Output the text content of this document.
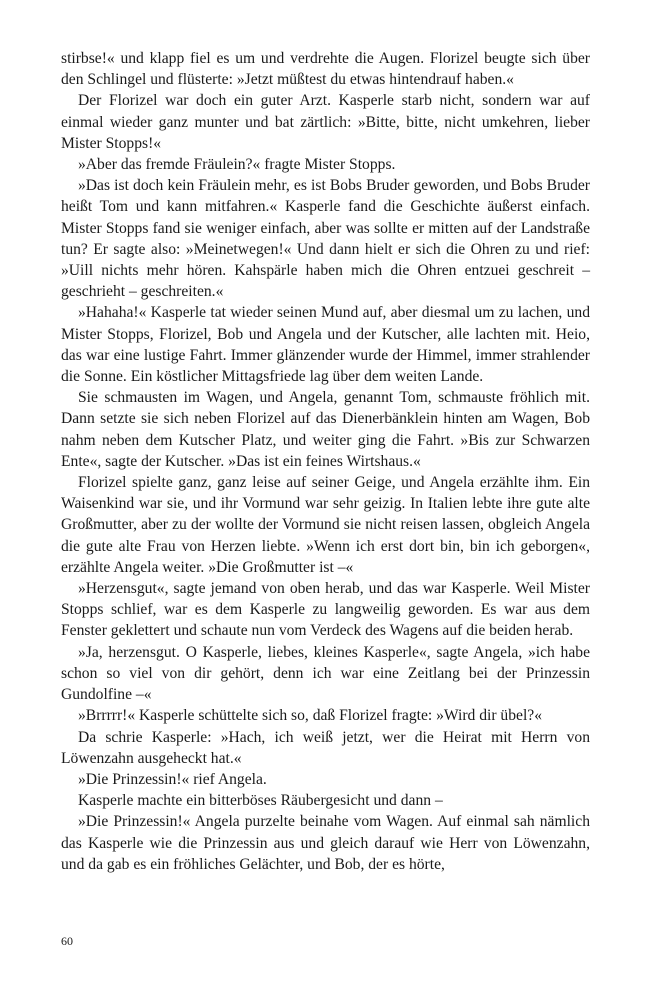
stirbse!« und klapp fiel es um und verdrehte die Augen. Florizel beugte sich über den Schlingel und flüsterte: »Jetzt müßtest du etwas hintendrauf haben.«

Der Florizel war doch ein guter Arzt. Kasperle starb nicht, sondern war auf einmal wieder ganz munter und bat zärtlich: »Bitte, bitte, nicht umkehren, lieber Mister Stopps!«

»Aber das fremde Fräulein?« fragte Mister Stopps.

»Das ist doch kein Fräulein mehr, es ist Bobs Bruder geworden, und Bobs Bruder heißt Tom und kann mitfahren.« Kasperle fand die Geschichte äußerst einfach. Mister Stopps fand sie weniger einfach, aber was sollte er mitten auf der Landstraße tun? Er sagte also: »Meinetwegen!« Und dann hielt er sich die Ohren zu und rief: »Uill nichts mehr hören. Kahspärle haben mich die Ohren entzuei geschreit – geschrieht – geschreiten.«

»Hahaha!« Kasperle tat wieder seinen Mund auf, aber diesmal um zu lachen, und Mister Stopps, Florizel, Bob und Angela und der Kutscher, alle lachten mit. Heio, das war eine lustige Fahrt. Immer glänzender wurde der Himmel, immer strahlender die Sonne. Ein köstlicher Mittagsfriede lag über dem weiten Lande.

Sie schmausten im Wagen, und Angela, genannt Tom, schmauste fröhlich mit. Dann setzte sie sich neben Florizel auf das Dienerbänklein hinten am Wagen, Bob nahm neben dem Kutscher Platz, und weiter ging die Fahrt. »Bis zur Schwarzen Ente«, sagte der Kutscher. »Das ist ein feines Wirtshaus.«

Florizel spielte ganz, ganz leise auf seiner Geige, und Angela erzählte ihm. Ein Waisenkind war sie, und ihr Vormund war sehr geizig. In Italien lebte ihre gute alte Großmutter, aber zu der wollte der Vormund sie nicht reisen lassen, obgleich Angela die gute alte Frau von Herzen liebte. »Wenn ich erst dort bin, bin ich geborgen«, erzählte Angela weiter. »Die Großmutter ist –«

»Herzensgut«, sagte jemand von oben herab, und das war Kasperle. Weil Mister Stopps schlief, war es dem Kasperle zu langweilig geworden. Es war aus dem Fenster geklettert und schaute nun vom Verdeck des Wagens auf die beiden herab.

»Ja, herzensgut. O Kasperle, liebes, kleines Kasperle«, sagte Angela, »ich habe schon so viel von dir gehört, denn ich war eine Zeitlang bei der Prinzessin Gundolfine –«

»Brrrrr!« Kasperle schüttelte sich so, daß Florizel fragte: »Wird dir übel?«

Da schrie Kasperle: »Hach, ich weiß jetzt, wer die Heirat mit Herrn von Löwenzahn ausgeheckt hat.«

»Die Prinzessin!« rief Angela.

Kasperle machte ein bitterböses Räubergesicht und dann –

»Die Prinzessin!« Angela purzelte beinahe vom Wagen. Auf einmal sah nämlich das Kasperle wie die Prinzessin aus und gleich darauf wie Herr von Löwenzahn, und da gab es ein fröhliches Gelächter, und Bob, der es hörte,

60
